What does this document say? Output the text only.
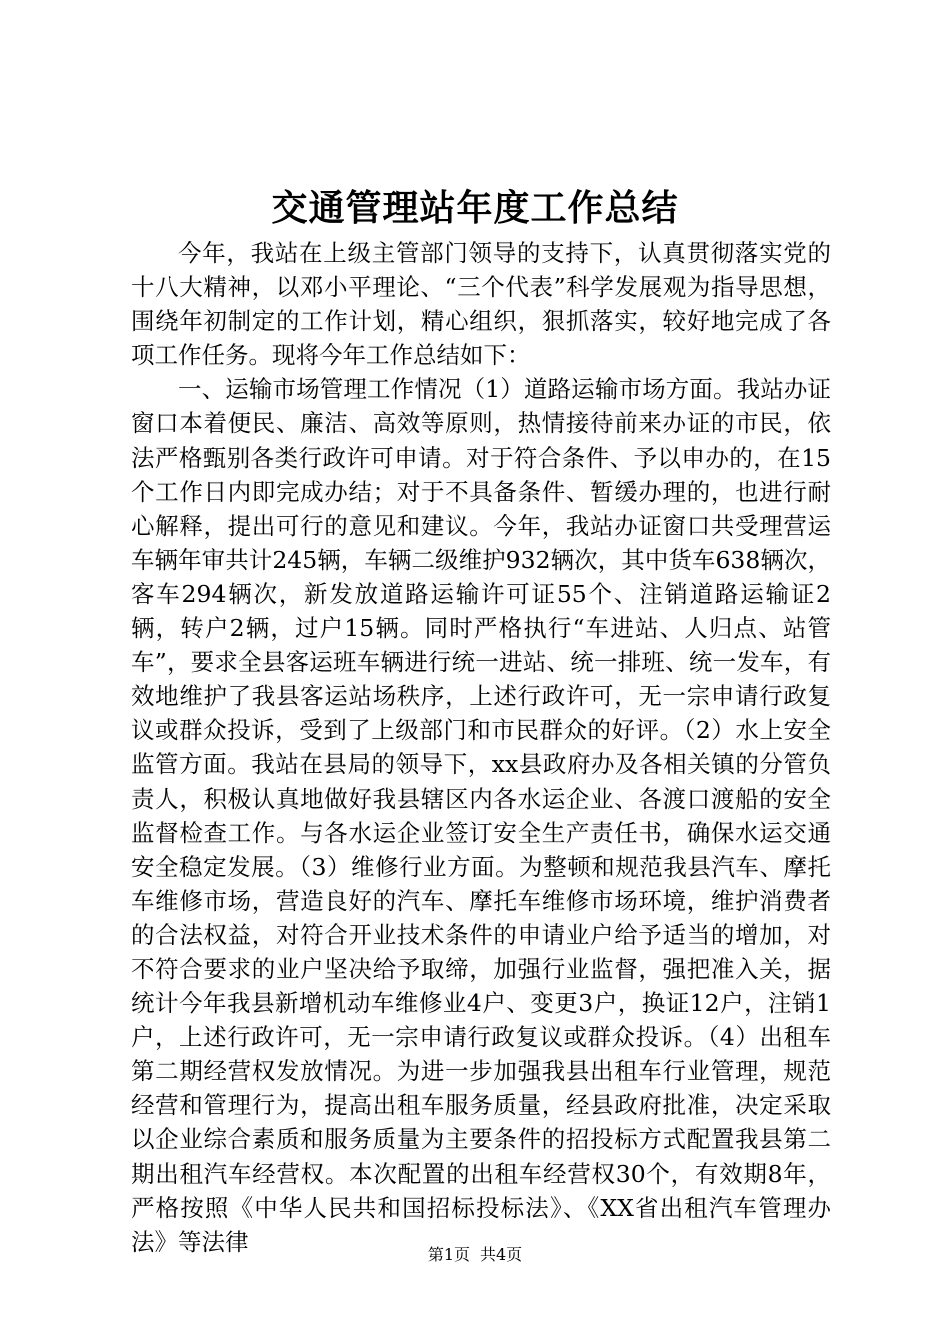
交通管理站年度工作总结

今年，我站在上级主管部门领导的支持下，认真贯彻落实党的十八大精神，以邓小平理论、“三个代表”科学发展观为指导思想，围绕年初制定的工作计划，精心组织，狠抓落实，较好地完成了各项工作任务。现将今年工作总结如下：

一、运输市场管理工作情况（1）道路运输市场方面。我站办证窗口本着便民、廉洁、高效等原则，热情接待前来办证的市民，依法严格甄别各类行政许可申请。对于符合条件、予以申办的，在15个工作日内即完成办结；对于不具备条件、暂缓办理的，也进行耐心解释，提出可行的意见和建议。今年，我站办证窗口共受理营运车辆年审共计245辆，车辆二级维护932辆次，其中货车638辆次，客车294辆次，新发放道路运输许可证55个、注销道路运输证2辆，转户2辆，过户15辆。同时严格执行“车进站、人归点、站管车”，要求全县客运班车辆进行统一进站、统一排班、统一发车，有效地维护了我县客运站场秩序，上述行政许可，无一宗申请行政复议或群众投诉，受到了上级部门和市民群众的好评。（2）水上安全监管方面。我站在县局的领导下，xx县政府办及各相关镇的分管负责人，积极认真地做好我县辖区内各水运企业、各渡口渡船的安全监督检查工作。与各水运企业签订安全生产责任书，确保水运交通安全稳定发展。（3）维修行业方面。为整顿和规范我县汽车、摩托车维修市场，营造良好的汽车、摩托车维修市场环境，维护消费者的合法权益，对符合开业技术条件的申请业户给予适当的增加，对不符合要求的业户坚决给予取缔，加强行业监督，强把准入关，据统计今年我县新增机动车维修业4户、变更3户，换证12户，注销1户，上述行政许可，无一宗申请行政复议或群众投诉。（4）出租车第二期经营权发放情况。为进一步加强我县出租车行业管理，规范经营和管理行为，提高出租车服务质量，经县政府批准，决定采取以企业综合素质和服务质量为主要条件的招投标方式配置我县第二期出租汽车经营权。本次配置的出租车经营权30个，有效期8年，严格按照《中华人民共和国招标投标法》、《XX省出租汽车管理办法》等法律	第1页 共4页
